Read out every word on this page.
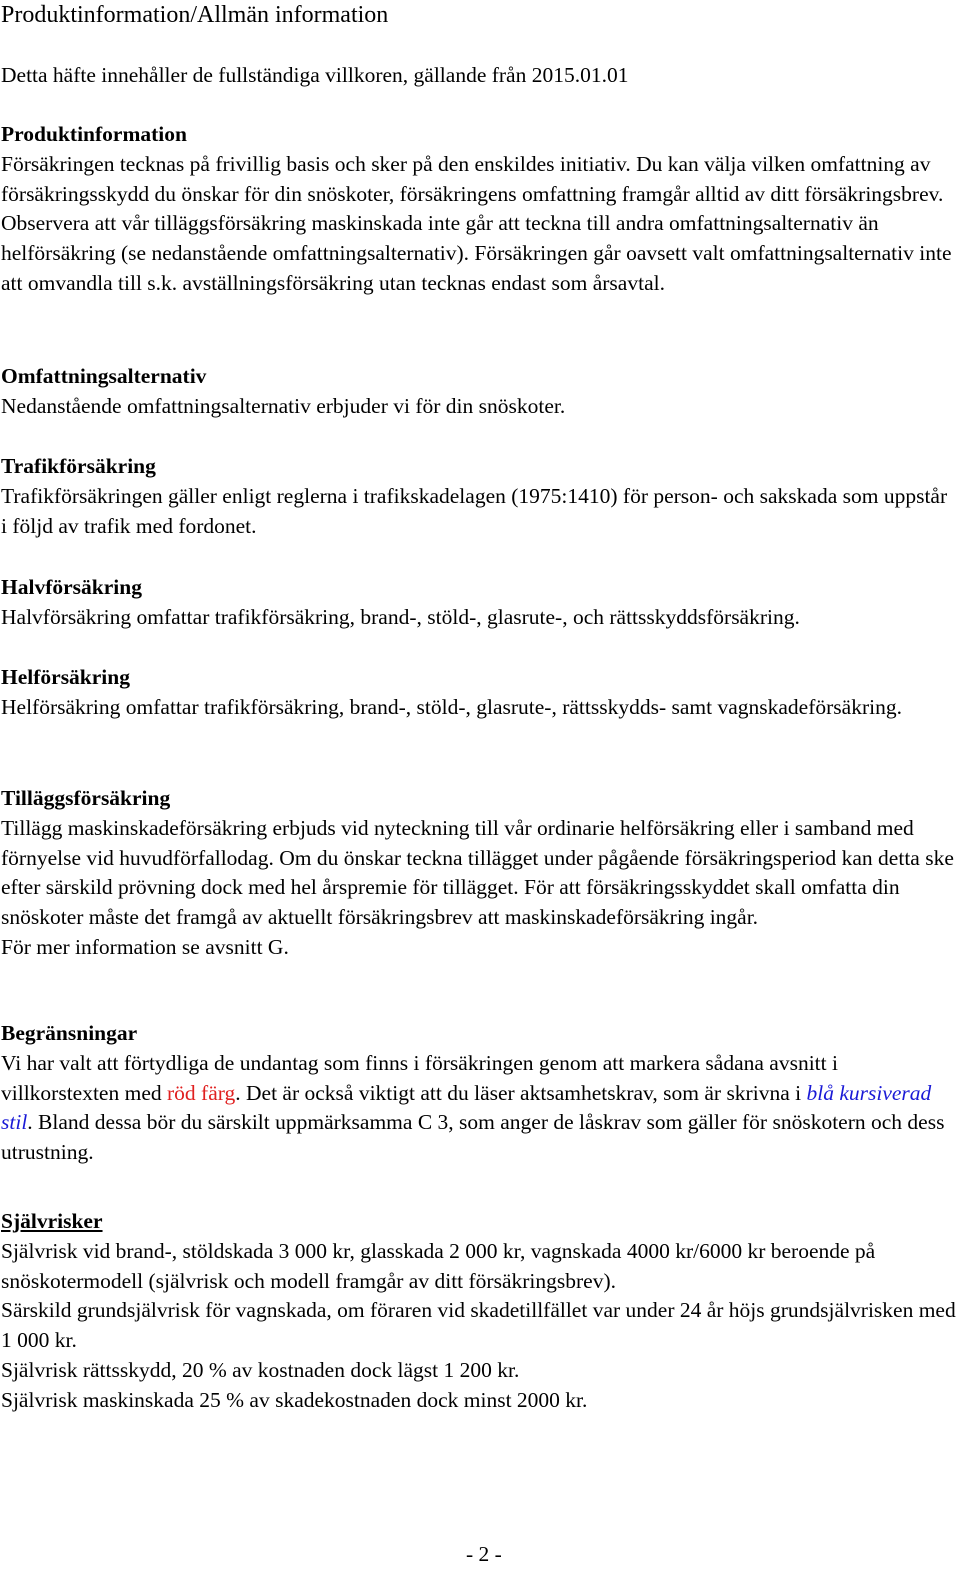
Produktinformation/Allmän information

Detta häfte innehåller de fullständiga villkoren, gällande från 2015.01.01

Produktinformation

Försäkringen tecknas på frivillig basis och sker på den enskildes initiativ. Du kan välja vilken omfattning av försäkringsskydd du önskar för din snöskoter, försäkringens omfattning framgår alltid av ditt försäkringsbrev. Observera att vår tilläggsförsäkring maskinskada inte går att teckna till andra omfattningsalternativ än helförsäkring (se nedanstående omfattningsalternativ). Försäkringen går oavsett valt omfattningsalternativ inte att omvandla till s.k. avställningsförsäkring utan tecknas endast som årsavtal.

Omfattningsalternativ

Nedanstående omfattningsalternativ erbjuder vi för din snöskoter.

Trafikförsäkring

Trafikförsäkringen gäller enligt reglerna i trafikskadelagen (1975:1410) för person- och sakskada som uppstår i följd av trafik med fordonet.

Halvförsäkring

Halvförsäkring omfattar trafikförsäkring, brand-, stöld-, glasrute-, och rättsskyddsförsäkring.

Helförsäkring

Helförsäkring omfattar trafikförsäkring, brand-, stöld-, glasrute-, rättsskydds- samt vagnskadeförsäkring.

Tilläggsförsäkring

Tillägg maskinskadeförsäkring erbjuds vid nyteckning till vår ordinarie helförsäkring eller i samband med förnyelse vid huvudförfallodag. Om du önskar teckna tillägget under pågående försäkringsperiod kan detta ske efter särskild prövning dock med hel årspremie för tillägget. För att försäkringsskyddet skall omfatta din snöskoter måste det framgå av aktuellt försäkringsbrev att maskinskadeförsäkring ingår.

För mer information se avsnitt G.

Begränsningar

Vi har valt att förtydliga de undantag som finns i försäkringen genom att markera sådana avsnitt i villkorstexten med röd färg. Det är också viktigt att du läser aktsamhetskrav, som är skrivna i blå kursiverad stil. Bland dessa bör du särskilt uppmärksamma C 3, som anger de låskrav som gäller för snöskotern och dess utrustning.

Självrisker

Självrisk vid brand-, stöldskada 3 000 kr, glasskada 2 000 kr, vagnskada 4000 kr/6000 kr beroende på snöskotermodell (självrisk och modell framgår av ditt försäkringsbrev).

Särskild grundsjälvrisk för vagnskada, om föraren vid skadetillfället var under 24 år höjs grundsjälvrisken med 1 000 kr.

Självrisk rättsskydd, 20 % av kostnaden dock lägst 1 200 kr.

Självrisk maskinskada 25 % av skadekostnaden dock minst 2000 kr.

- 2 -
